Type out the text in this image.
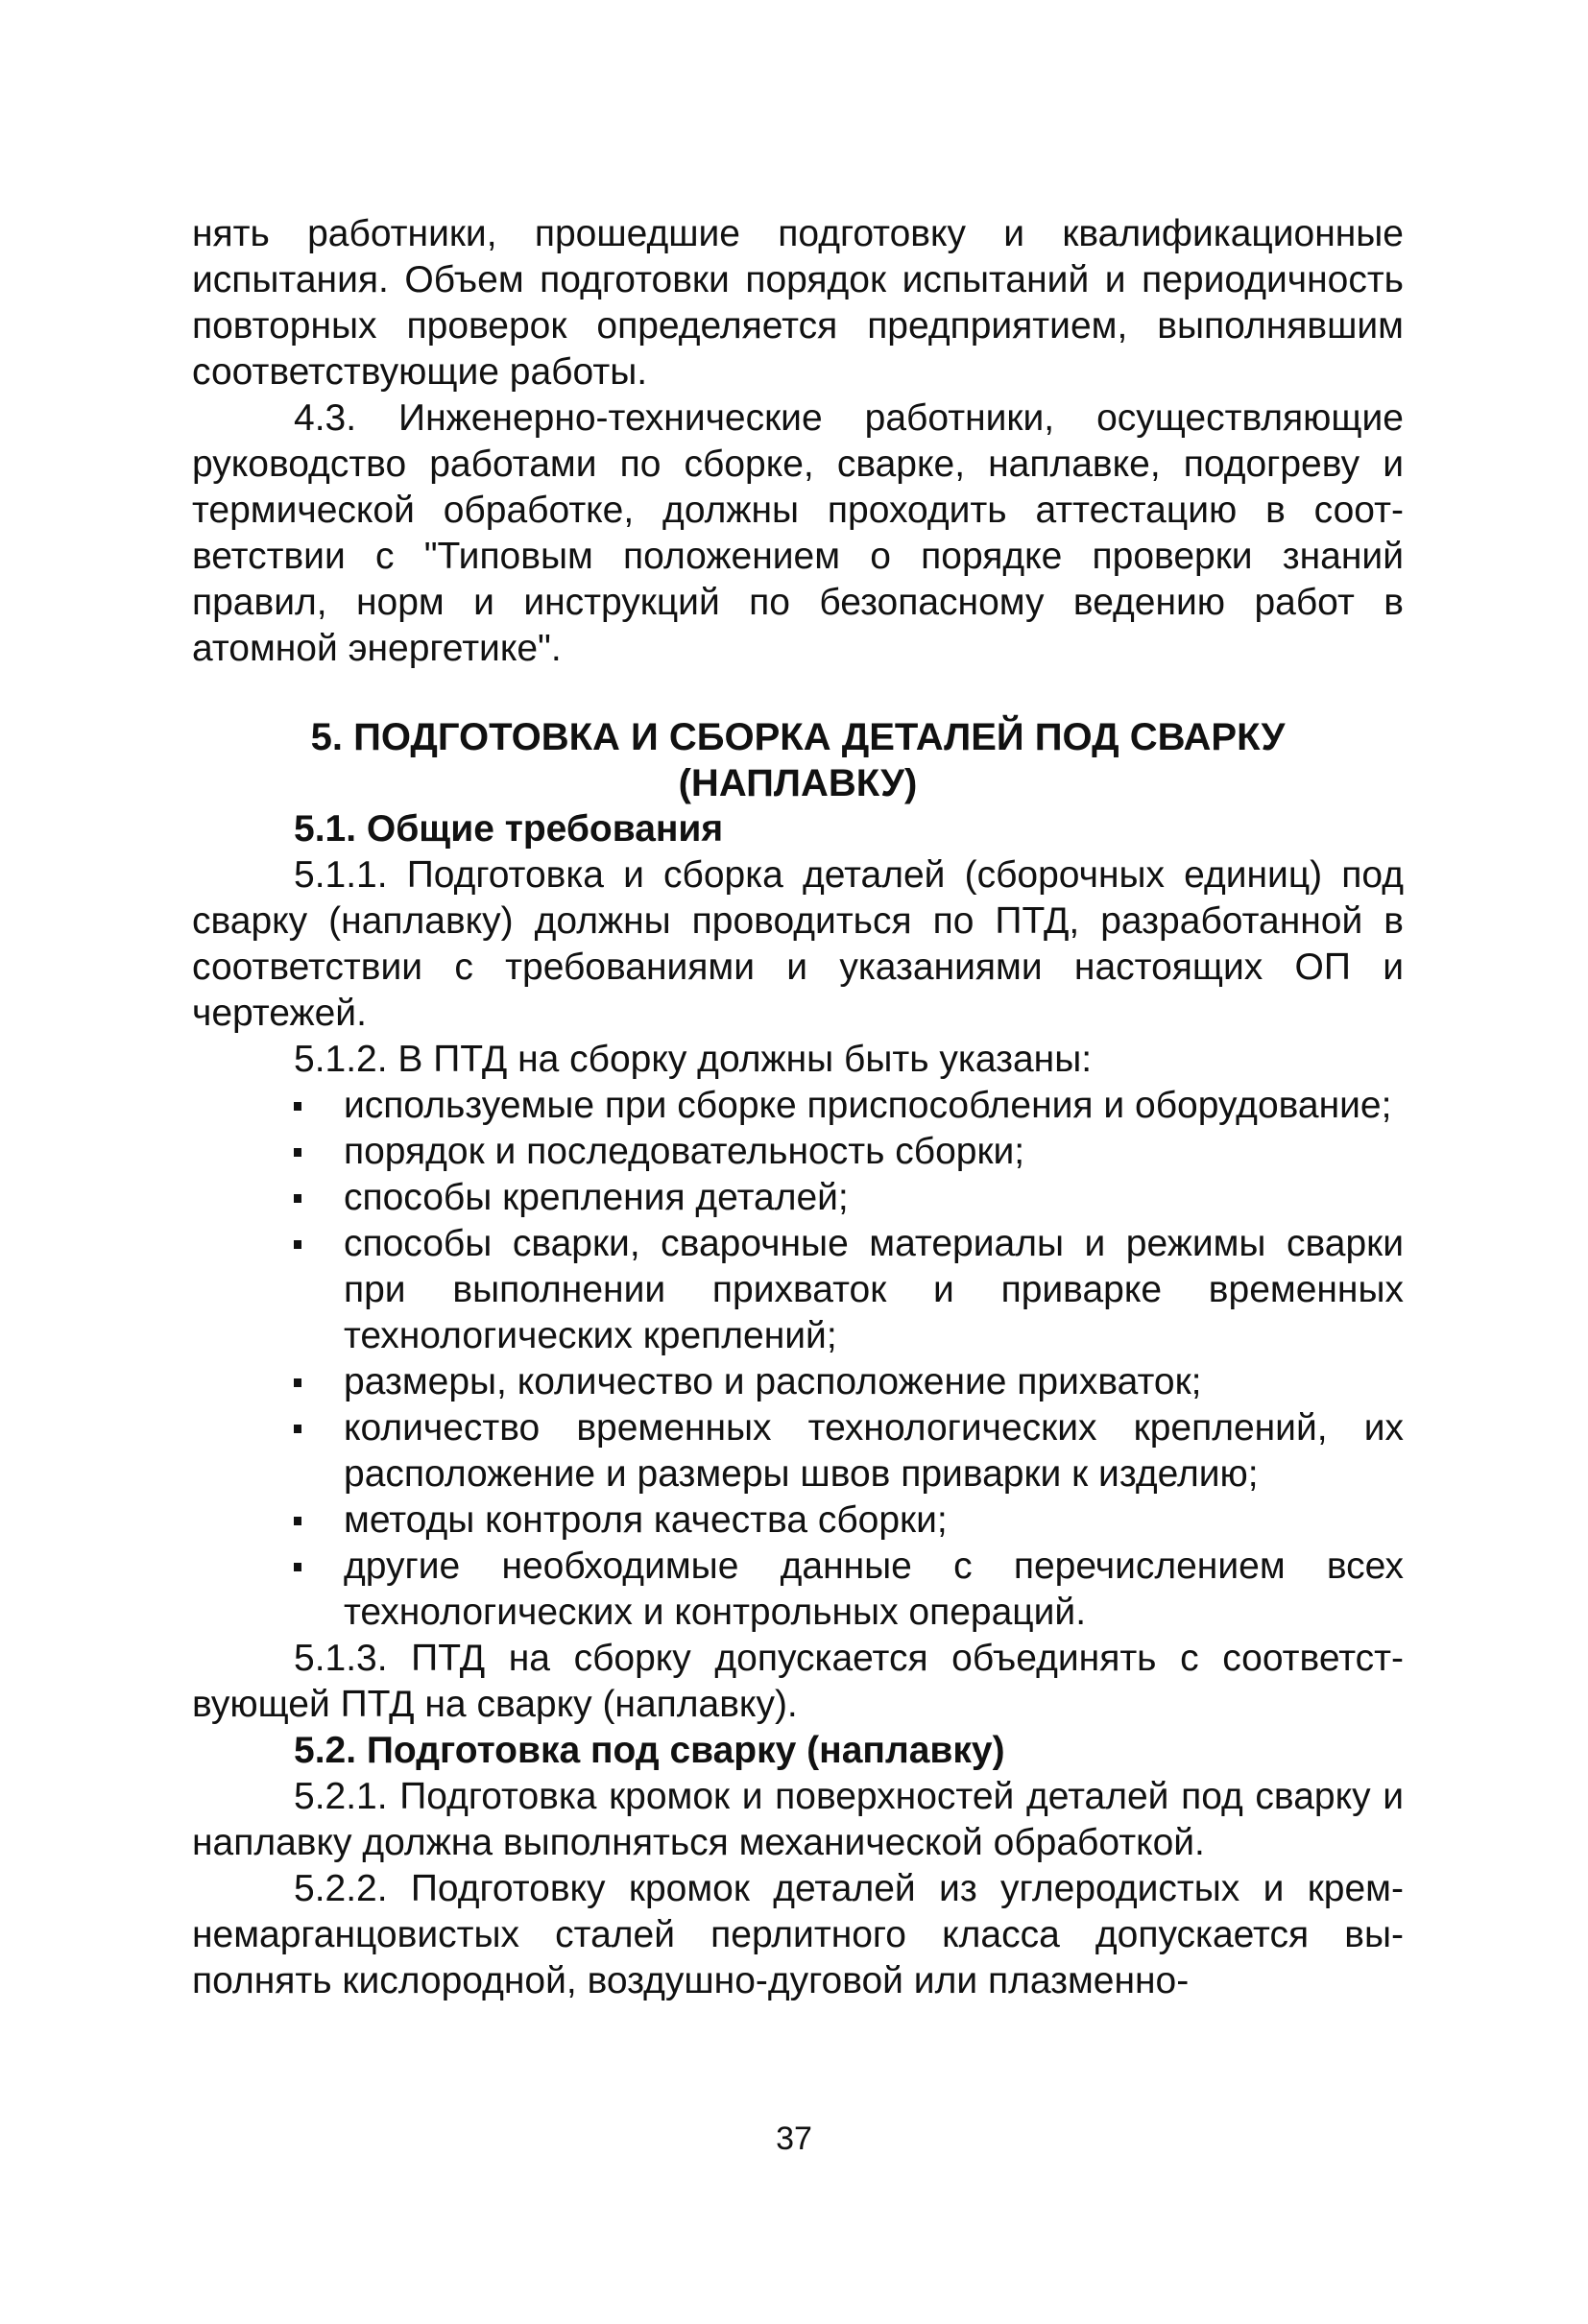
нять работники, прошедшие подготовку и квалификационные испытания. Объем подготовки порядок испытаний и периодичность повторных проверок определяется предприятием, выполнявшим соответствующие работы.

4.3. Инженерно-технические работники, осуществляющие руководство работами по сборке, сварке, наплавке, подогреву и термической обработке, должны проходить аттестацию в соответствии с "Типовым положением о порядке проверки знаний правил, норм и инструкций по безопасному ведению работ в атомной энергетике".

5. ПОДГОТОВКА И СБОРКА ДЕТАЛЕЙ ПОД СВАРКУ (НАПЛАВКУ)
5.1. Общие требования

5.1.1. Подготовка и сборка деталей (сборочных единиц) под сварку (наплавку) должны проводиться по ПТД, разработанной в соответствии с требованиями и указаниями настоящих ОП и чертежей.

5.1.2. В ПТД на сборку должны быть указаны:

используемые при сборке приспособления и оборудование;
порядок и последовательность сборки;
способы крепления деталей;
способы сварки, сварочные материалы и режимы сварки при выполнении прихваток и приварке временных технологических креплений;
размеры, количество и расположение прихваток;
количество временных технологических креплений, их расположение и размеры швов приварки к изделию;
методы контроля качества сборки;
другие необходимые данные с перечислением всех технологических и контрольных операций.

5.1.3. ПТД на сборку допускается объединять с соответствующей ПТД на сварку (наплавку).

5.2. Подготовка под сварку (наплавку)

5.2.1. Подготовка кромок и поверхностей деталей под сварку и наплавку должна выполняться механической обработкой.

5.2.2. Подготовку кромок деталей из углеродистых и кремнемарганцовистых сталей перлитного класса допускается выполнять кислородной, воздушно-дуговой или плазменно-

37
